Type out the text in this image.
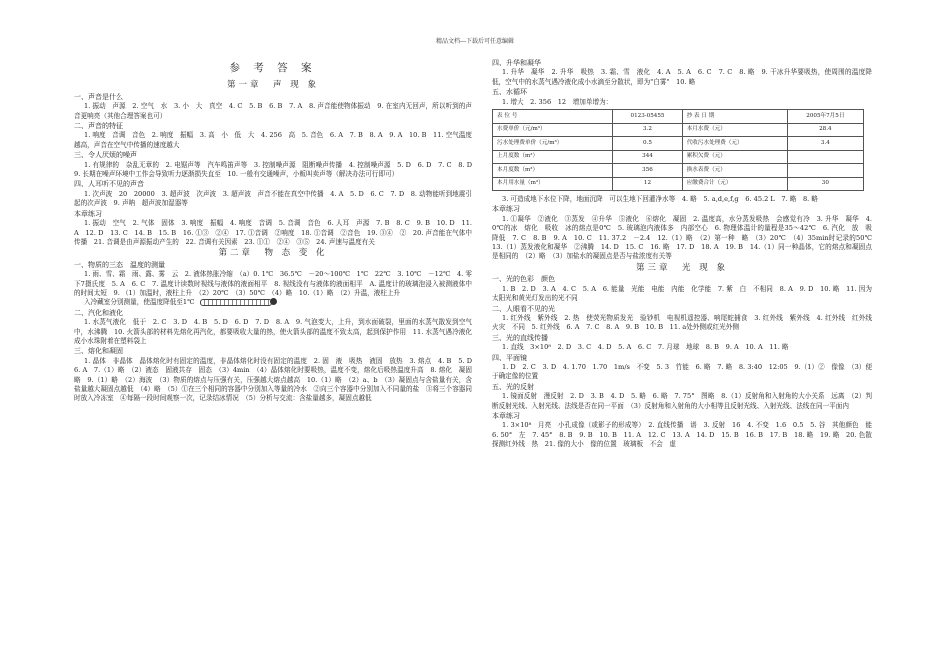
精品文档---下载后可任意编辑
参 考 答 案
第一章　声 现 象
一、声音是什么
1. 振动　声源　2. 空气　水　3. 小　大　真空　4. C　5. B　6. B　7. A　8. 声音能使物体振动　9. 在室内无回声，所以听到的声音更响亮（其他合理答案也可）
二、声音的特征
1. 响度　音调　音色　2. 响度　振幅　3. 高　小　低　大　4. 256　高　5. 音色　6. A　7. B　8. A　9. A　10. B　11. 空气温度越高，声音在空气中传播的速度越大
三、令人厌烦的噪声
1. 有规律的　杂乱无章的　2. 电锯声等　汽车鸣笛声等　3. 控制噪声源　阻断噪声传播　4. 控制噪声源　5. D　6. D　7. C　8. D　9. 长期在噪声环境中工作会导致听力逐渐损失直至　10. 一般有交通噪声，小贩叫卖声等（解决办法可行即可）
四、人耳听不见的声音
1. 次声波　20　20000　3. 超声波　次声波　3. 超声波　声音不能在真空中传播　4. A　5. D　6. C　7. D　8. 动物能听到地震引起的次声波　9. 声呐　超声波加湿器等
本章练习
1. 振动　空气　2. 气体　固体　3. 响度　振幅　4. 响度　音调　5. 音调　音色　6. 人耳　声源　7. B　8. C　9. B　10. D　11. A　12. D　13. C　14. B　15. B　16. ①③　②④　17. ①音调　②响度　18. ①音调　②音色　19. ③④　②　20. 声音能在气体中传播　21. 音调是由声源振动产生的　22. 音调有关因素　23. ①①　②④　③⑤　24. 声速与温度有关
第二章　物 态 变 化
一、物质的三态　温度的测量
1. 雨、雪、霜　雨、露、雾　云　2. 液体热胀冷缩　（a）0. 1℃　36.5℃　－20～100℃　1℃　22℃　3. 10℃　－12℃　4. 零下7摄氏度　5. A　6. C　7. 温度计读数时视线与液体的液面相平　8. 视线没有与液体的液面相平　A. 温度计的玻璃泡浸入被测液体中的时间太短　9. （1）加温时，液柱上升　（2）20℃　（3）50℃　（4）略　10.（1）略　（2）升温，液柱上升
入冷藏室分别测量，使温度降低至1℃
二、汽化和液化
1. 水蒸气液化　低于　2. C　3. D　4. B　5. D　6. D　7. D　8. A　9. 气泡变大，上升，到水面破裂，里面的水蒸气散发到空气中，水沸腾　10. 火箭头部的材料先熔化再汽化，都要吸收大量的热，使火箭头部的温度不致太高，起到保护作用　11. 水蒸气遇冷液化成小水珠附着在塑料袋上
三、熔化和凝固
1. 晶体　非晶体　晶体熔化时有固定的温度，非晶体熔化时没有固定的温度　2. 固　液　吸热　液固　放热　3. 熔点　4. B　5. D　6. A　7.（1）略　（2）液态　固液共存　固态　（3）4min　（4）晶体熔化时要吸热，温度不变，熔化后吸热温度升高　8. 熔化　凝固　略　9.（1）略　（2）海波　（3）物质的熔点与压强有关，压强越大熔点越高　10.（1）略　（2）a、b　（3）凝固点与含盐量有关，含盐量越大凝固点越低　（4）略　（5）①在三个相同的容器中分别加入等量的冷水　②向三个容器中分别加入不同量的盐　③将三个容器同时放入冷冻室　④每隔一段时间观察一次，记录结冰情况　（5）分析与交流：含盐量越多，凝固点越低
四、升华和凝华
1. 升华　凝华　2. 升华　吸热　3. 霜、雪　液化　4. A　5. A　6. C　7. C　8. 略　9. 干冰升华要吸热，使周围的温度降低，空气中的水蒸气遇冷液化成小水滴至分散状，即为"白雾"　10. 略
五、水循环
1. 增大　2. 356　12　增加单增为：
表 位 号	0123-05455	抄 表 日 期	2005年7月5日
水费单价（元/m³）	3.2	本月水费（元）	28.4
污水处理费单价（元/m³）	0.5	代收污水处理费（元）	3.4
上月度数（m³）	344	累积欠费（元）	
本月度数（m³）	356	换水表费（元）	
本月用水量（m³）	12	应缴费合计（元）	30
3. 可造成地下水位下降，地面沉降　可以生地下回灌净水等　4. 略　5. a,d,e,f,g　6. 45.2 L　7. 略　8. 略
本章练习
1. ①凝华　②液化　③蒸发　④升华　⑤液化　⑥熔化　凝固　2. 温度高，水分蒸发吸热　会感觉有冷　3. 升华　凝华　4. 0℃的冰　熔化　吸收　冰的熔点是0℃　5. 玻璃泡内液体多　内部空心　6. 物理体温计的量程是35～42℃　6. 汽化　放　吸　降低　7. C　8. B　9. A　10. C　11. 37.2　－2.4　12.（1）略　（2）第一种　略　（3）20℃　（4）35min时记录的50℃　13.（1）蒸发液化和凝华　②沸腾　14. D　15. C　16. 略　17. D　18. A　19. B　14.（1）同一种晶体，它的熔点和凝固点是相同的　（2）略　（3）加盐水的凝固点是否与盐浓度有关等
第三章　光 现 象
一、光的色彩　颜色
1. B　2. D　3. A　4. C　5. A　6. 能量　光能　电能　内能　化学能　7. 紫　白　不相同　8. A　9. D　10. 略　11. 因为太阳光和黄光灯发出的光不同
二、人眼看不见的光
1. 红外线　紫外线　2. 热　使荧光物质发光　验钞机　电视机遥控器、响尾蛇捕食　3. 红外线　紫外线　4. 红外线　红外线　火灾　不同　5. 红外线　6. A　7. C　8. A　9. B　10. B　11. a处外侧或红光外侧
三、光的直线传播
1. 直线　3×10⁸　2. D　3. C　4. D　5. A　6. C　7. 月球　地球　8. B　9. A　10. A　11. 略
四、平面镜
1. D　2. C　3. D　4. 1.70　1.70　1m/s　不变　5. 3　竹能　6. 略　7. 略　8. 3:40　12:05　9.（1）②　像像　（3）便于确定像的位置
五、光的反射
1. 镜面反射　漫反射　2. D　3. B　4. D　5. 略　6. 略　7. 75°　图略　8.（1）反射角和入射角的大小关系　远离　（2）判断反射光线、入射光线、法线是否在同一平面　（3）反射角和入射角的大小相等且反射光线、入射光线、法线在同一平面内
本章练习
1. 3×10⁸　月亮　小孔成像（或影子的形成等）　2. 直线传播　谱　3. 反射　16　4. 不变　1.6　0.5　5. 谷　其他颜色　能　6. 50°　左　7. 45°　8. B　9. B　10. B　11. A　12. C　13. A　14. D　15. B　16. B　17. B　18. 略　19. 略　20. 色散　探测红外线　热　21. 像的大小　像的位置　玻璃板　不会　虚
